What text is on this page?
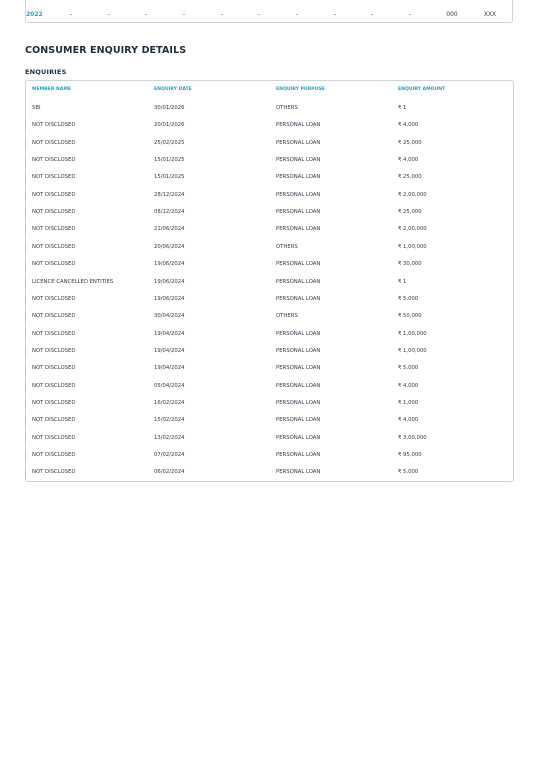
2022	-	-	-	-	-	-	-	-	-	-	000	XXX
CONSUMER ENQUIRY DETAILS
ENQUIRIES
MEMBER NAME	ENQUIRY DATE	ENQUIRY PURPOSE	ENQUIRY AMOUNT
SBI	30/01/2026	OTHERS	₹ 1
NOT DISCLOSED	20/01/2026	PERSONAL LOAN	₹ 4,000
NOT DISCLOSED	25/02/2025	PERSONAL LOAN	₹ 25,000
NOT DISCLOSED	15/01/2025	PERSONAL LOAN	₹ 4,000
NOT DISCLOSED	15/01/2025	PERSONAL LOAN	₹ 25,000
NOT DISCLOSED	28/12/2024	PERSONAL LOAN	₹ 2,00,000
NOT DISCLOSED	08/12/2024	PERSONAL LOAN	₹ 25,000
NOT DISCLOSED	21/06/2024	PERSONAL LOAN	₹ 2,00,000
NOT DISCLOSED	20/06/2024	OTHERS	₹ 1,00,000
NOT DISCLOSED	19/06/2024	PERSONAL LOAN	₹ 30,000
LICENCE CANCELLED ENTITIES	19/06/2024	PERSONAL LOAN	₹ 1
NOT DISCLOSED	19/06/2024	PERSONAL LOAN	₹ 5,000
NOT DISCLOSED	30/04/2024	OTHERS	₹ 50,000
NOT DISCLOSED	19/04/2024	PERSONAL LOAN	₹ 1,00,000
NOT DISCLOSED	19/04/2024	PERSONAL LOAN	₹ 1,00,000
NOT DISCLOSED	19/04/2024	PERSONAL LOAN	₹ 5,000
NOT DISCLOSED	05/04/2024	PERSONAL LOAN	₹ 4,000
NOT DISCLOSED	16/02/2024	PERSONAL LOAN	₹ 1,000
NOT DISCLOSED	15/02/2024	PERSONAL LOAN	₹ 4,000
NOT DISCLOSED	13/02/2024	PERSONAL LOAN	₹ 3,00,000
NOT DISCLOSED	07/02/2024	PERSONAL LOAN	₹ 95,000
NOT DISCLOSED	06/02/2024	PERSONAL LOAN	₹ 5,000
